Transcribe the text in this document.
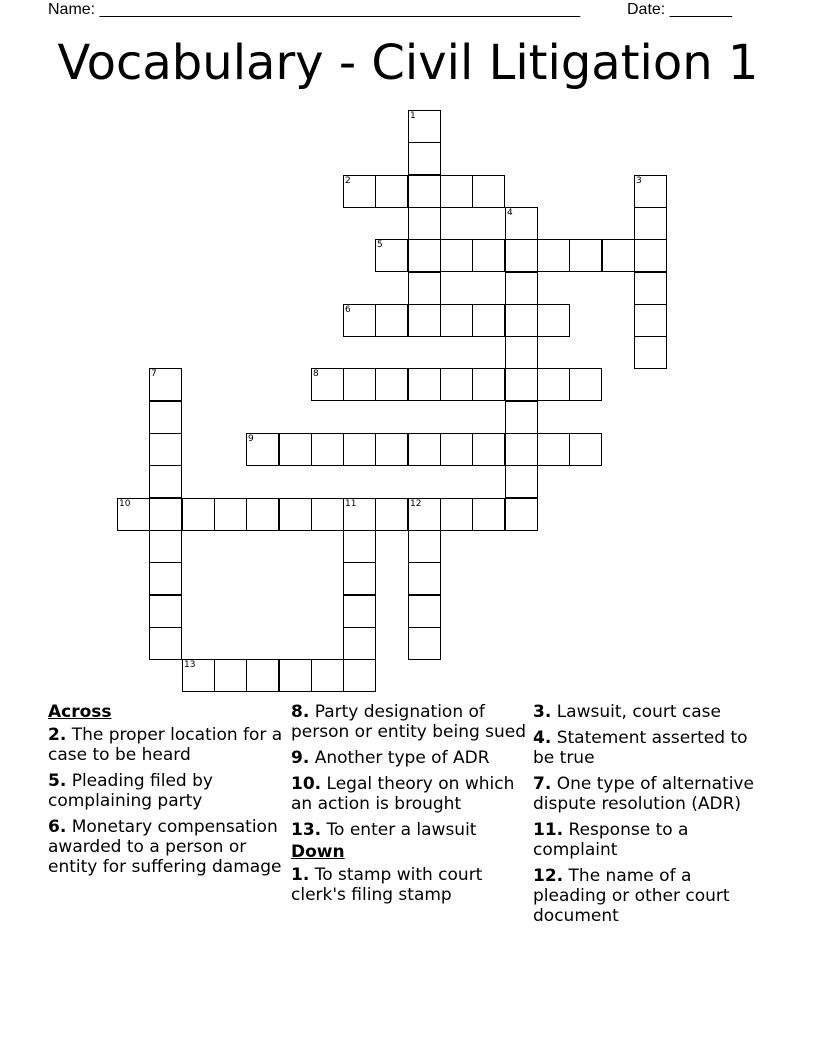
Name: ______________________________________________________	Date: _______
Vocabulary - Civil Litigation 1
1
2	3
4
5
6
7	8
9
10	11	12
13
Across
2. The proper location for a case to be heard
5. Pleading filed by complaining party
6. Monetary compensation awarded to a person or entity for suffering damage
8. Party designation of person or entity being sued
9. Another type of ADR
10. Legal theory on which an action is brought
13. To enter a lawsuit
Down
1. To stamp with court clerk's filing stamp
3. Lawsuit, court case
4. Statement asserted to be true
7. One type of alternative dispute resolution (ADR)
11. Response to a complaint
12. The name of a pleading or other court document
